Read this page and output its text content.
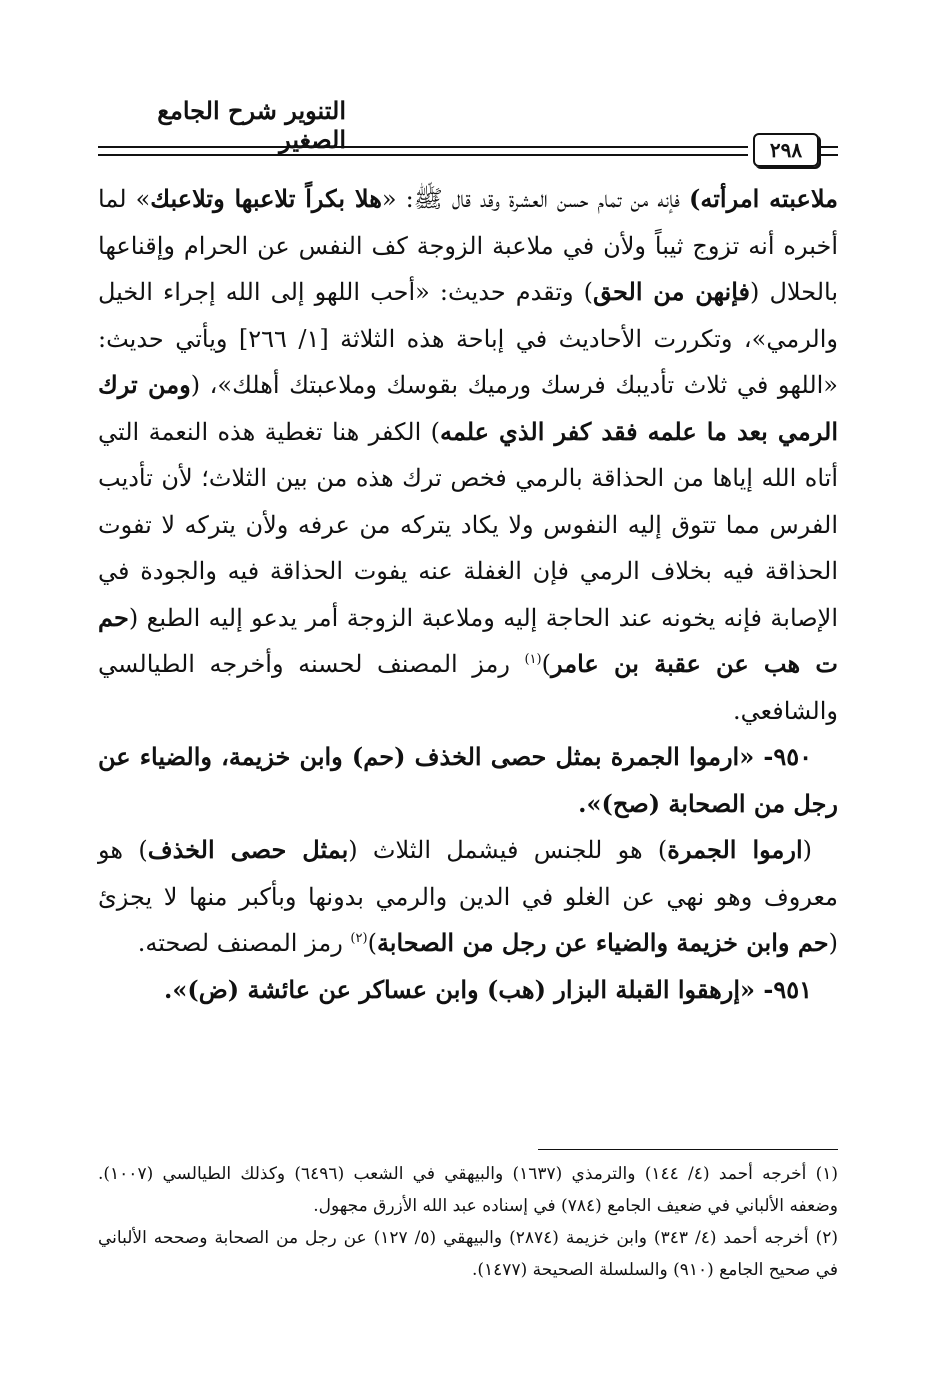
التنوير شرح الجامع الصغير	٢٩٨

ملاعبته امرأته) فإنه من تمام حسن العشرة وقد قال ﷺ: «هلا بكراً تلاعبها وتلاعبك» لما أخبره أنه تزوج ثيباً ولأن في ملاعبة الزوجة كف النفس عن الحرام وإقناعها بالحلال (فإنهن من الحق) وتقدم حديث: «أحب اللهو إلى الله إجراء الخيل والرمي»، وتكررت الأحاديث في إباحة هذه الثلاثة [١/ ٢٦٦] ويأتي حديث: «اللهو في ثلاث تأديبك فرسك ورميك بقوسك وملاعبتك أهلك»، (ومن ترك الرمي بعد ما علمه فقد كفر الذي علمه) الكفر هنا تغطية هذه النعمة التي أتاه الله إياها من الحذاقة بالرمي فخص ترك هذه من بين الثلاث؛ لأن تأديب الفرس مما تتوق إليه النفوس ولا يكاد يتركه من عرفه ولأن يتركه لا تفوت الحذاقة فيه بخلاف الرمي فإن الغفلة عنه يفوت الحذاقة فيه والجودة في الإصابة فإنه يخونه عند الحاجة إليه وملاعبة الزوجة أمر يدعو إليه الطبع (حم ت هب عن عقبة بن عامر)$^{(١)}$ رمز المصنف لحسنه وأخرجه الطيالسي والشافعي.

٩٥٠- «ارموا الجمرة بمثل حصى الخذف (حم) وابن خزيمة، والضياء عن رجل من الصحابة (صح)».

(ارموا الجمرة) هو للجنس فيشمل الثلاث (بمثل حصى الخذف) هو معروف وهو نهي عن الغلو في الدين والرمي بدونها وبأكبر منها لا يجزئ (حم وابن خزيمة والضياء عن رجل من الصحابة)$^{(٢)}$ رمز المصنف لصحته.

٩٥١- «إرهقوا القبلة البزار (هب) وابن عساكر عن عائشة (ض)».

(١) أخرجه أحمد (٤/ ١٤٤) والترمذي (١٦٣٧) والبيهقي في الشعب (٦٤٩٦) وكذلك الطيالسي (١٠٠٧). وضعفه الألباني في ضعيف الجامع (٧٨٤) في إسناده عبد الله الأزرق مجهول.

(٢) أخرجه أحمد (٤/ ٣٤٣) وابن خزيمة (٢٨٧٤) والبيهقي (٥/ ١٢٧) عن رجل من الصحابة وصححه الألباني في صحيح الجامع (٩١٠) والسلسلة الصحيحة (١٤٧٧).
